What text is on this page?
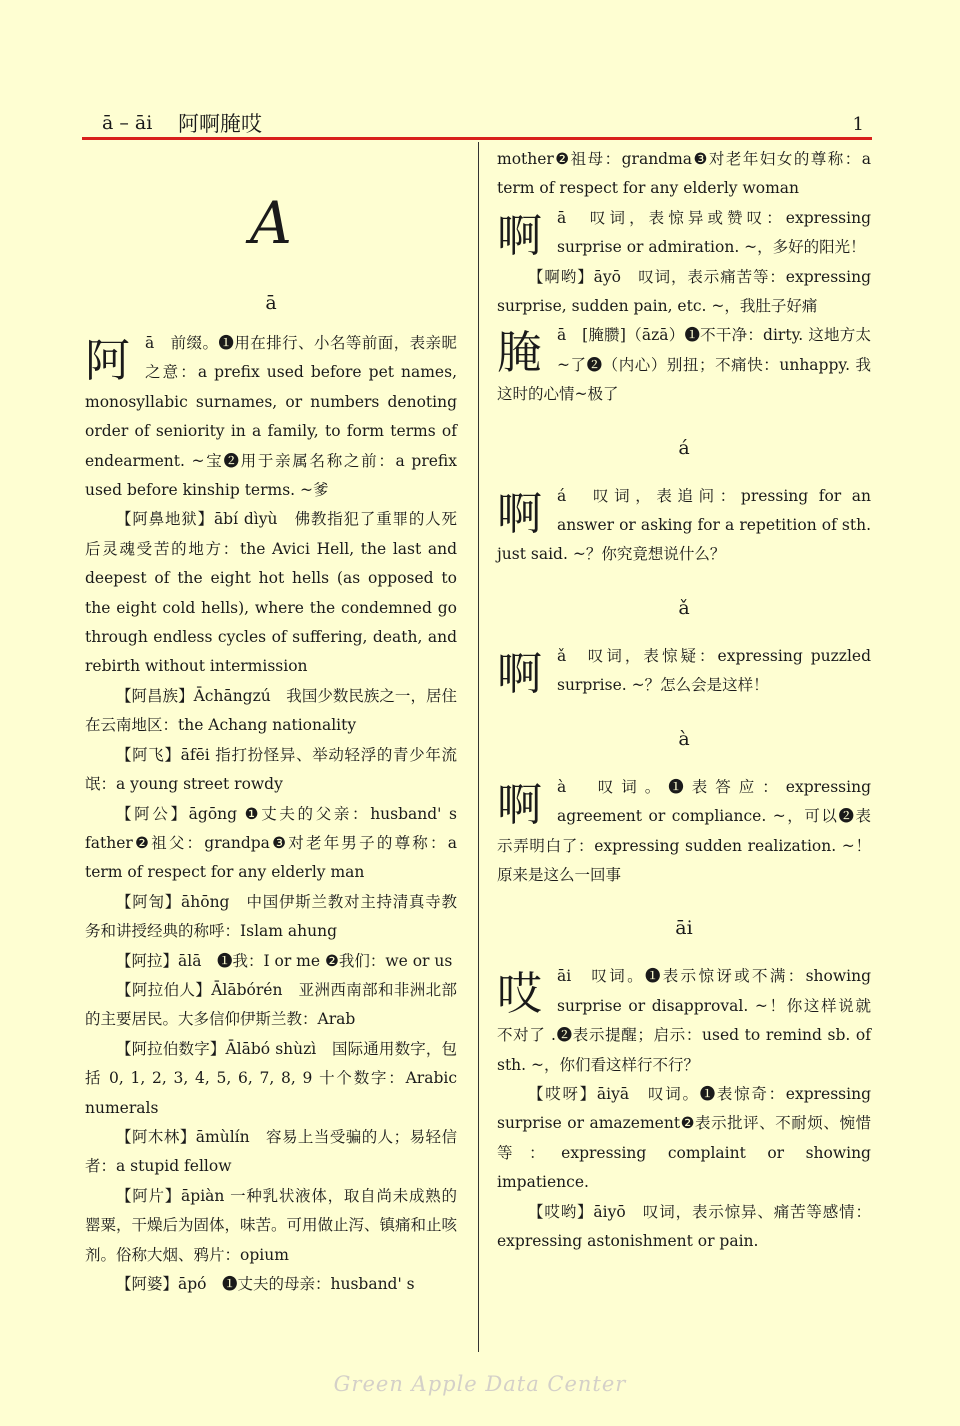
ā – āi 阿啊腌哎	1
A
ā

阿 ā　前缀。❶用在排行、小名等前面，表亲昵之意：a prefix used before pet names, monosyllabic surnames, or numbers denoting order of seniority in a family, to form terms of endearment. ~宝❷用于亲属名称之前：a prefix used before kinship terms. ~爹

【阿鼻地狱】ābí dìyù　佛教指犯了重罪的人死后灵魂受苦的地方：the Avici Hell, the last and deepest of the eight hot hells (as opposed to the eight cold hells), where the condemned go through endless cycles of suffering, death, and rebirth without intermission

【阿昌族】Āchāngzú　我国少数民族之一，居住在云南地区：the Achang nationality

【阿飞】āfēi 指打扮怪异、举动轻浮的青少年流氓：a young street rowdy

【阿公】āgōng ❶丈夫的父亲：husband' s father❷祖父：grandpa❸对老年男子的尊称：a term of respect for any elderly man

【阿訇】āhōng　中国伊斯兰教对主持清真寺教务和讲授经典的称呼：Islam ahung

【阿拉】ālā　❶我：I or me ❷我们：we or us

【阿拉伯人】Ālābórén　亚洲西南部和非洲北部的主要居民。大多信仰伊斯兰教：Arab

【阿拉伯数字】Ālābó shùzì　国际通用数字，包括 0, 1, 2, 3, 4, 5, 6, 7, 8, 9 十个数字：Arabic numerals

【阿木林】āmùlín　容易上当受骗的人；易轻信者：a stupid fellow

【阿片】āpiàn 一种乳状液体，取自尚未成熟的罂粟，干燥后为固体，味苦。可用做止泻、镇痛和止咳剂。俗称大烟、鸦片：opium

【阿婆】āpó　❶丈夫的母亲：husband' s

mother❷祖母：grandma❸对老年妇女的尊称：a term of respect for any elderly woman

啊 ā　叹词，表惊异或赞叹：expressing surprise or admiration. ~，多好的阳光！

【啊哟】āyō　叹词，表示痛苦等：expressing surprise, sudden pain, etc. ~，我肚子好痛

腌 ā　[腌臜]（āzā）❶不干净：dirty. 这地方太~了❷（内心）别扭；不痛快：unhappy. 我这时的心情~极了

á

啊 á　叹词，表追问：pressing for an answer or asking for a repetition of sth. just said. ~？你究竟想说什么？

ǎ

啊 ǎ　叹词，表惊疑：expressing puzzled surprise. ~？怎么会是这样！

à

啊 à　叹词。❶表答应：expressing agreement or compliance. ~，可以❷表示弄明白了：expressing sudden realization. ~！原来是这么一回事

āi

哎 āi　叹词。❶表示惊讶或不满：showing surprise or disapproval. ~！你这样说就不对了 .❷表示提醒；启示：used to remind sb. of sth. ~，你们看这样行不行？

【哎呀】āiyā　叹词。❶表惊奇：expressing surprise or amazement❷表示批评、不耐烦、惋惜等：expressing complaint or showing impatience.

【哎哟】āiyō　叹词，表示惊异、痛苦等感情：expressing astonishment or pain.

Green Apple Data Center
